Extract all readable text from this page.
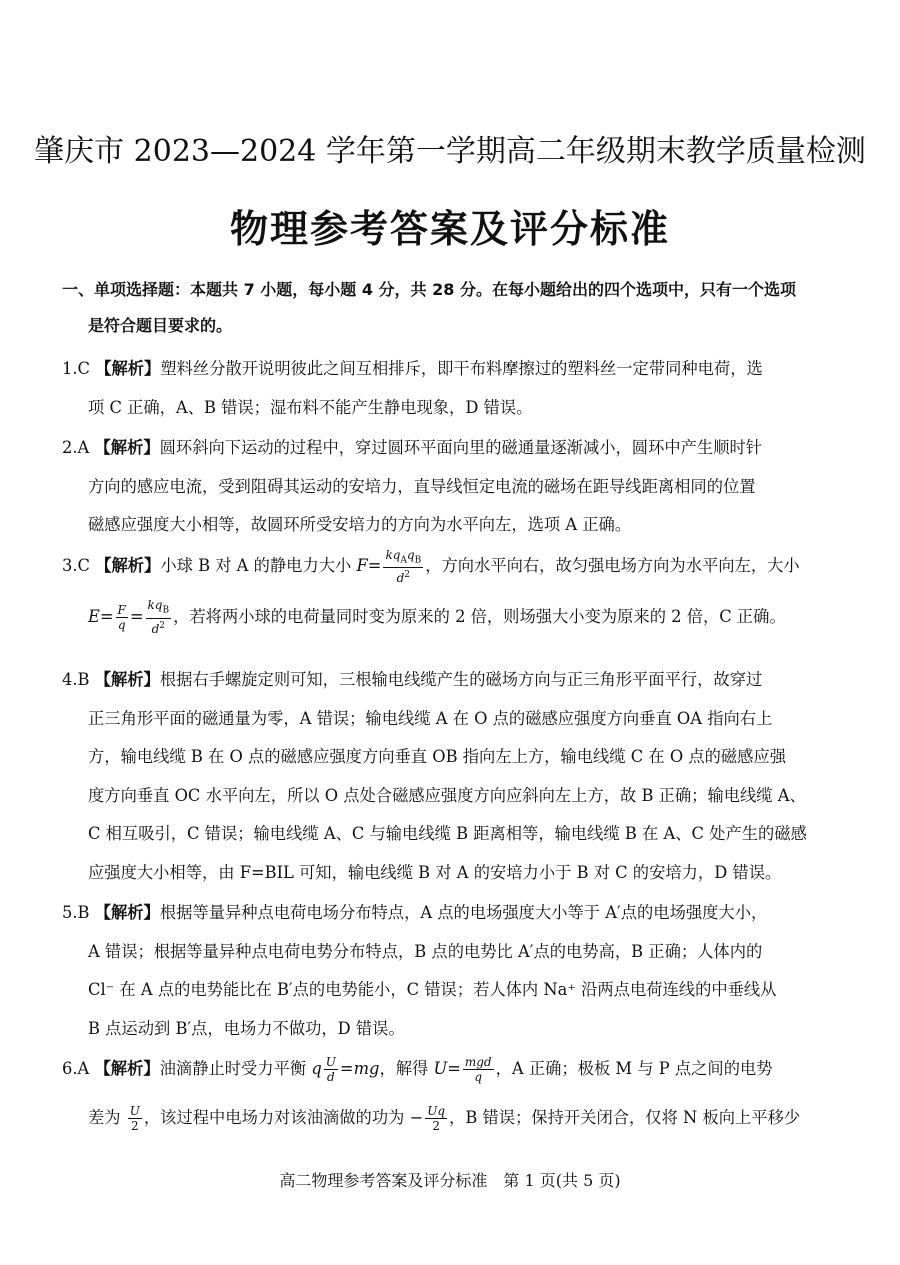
肇庆市 2023—2024 学年第一学期高二年级期末教学质量检测
物理参考答案及评分标准
一、单项选择题：本题共 7 小题，每小题 4 分，共 28 分。在每小题给出的四个选项中，只有一个选项
是符合题目要求的。
1.C 【解析】塑料丝分散开说明彼此之间互相排斥，即干布料摩擦过的塑料丝一定带同种电荷，选
项 C 正确，A、B 错误；湿布料不能产生静电现象，D 错误。
2.A 【解析】圆环斜向下运动的过程中，穿过圆环平面向里的磁通量逐渐减小，圆环中产生顺时针
方向的感应电流，受到阻碍其运动的安培力，直导线恒定电流的磁场在距导线距离相同的位置
磁感应强度大小相等，故圆环所受安培力的方向为水平向左，选项 A 正确。
3.C 【解析】小球 B 对 A 的静电力大小 $F= \frac{kq_Aq_B}{d^2}$ ，方向水平向右，故匀强电场方向为水平向左，大小
$E= \frac{F}{q} = \frac{kq_B}{d^2}$ ，若将两小球的电荷量同时变为原来的 2 倍，则场强大小变为原来的 2 倍，C 正确。
4.B 【解析】根据右手螺旋定则可知，三根输电线缆产生的磁场方向与正三角形平面平行，故穿过
正三角形平面的磁通量为零，A 错误；输电线缆 A 在 O 点的磁感应强度方向垂直 OA 指向右上
方，输电线缆 B 在 O 点的磁感应强度方向垂直 OB 指向左上方，输电线缆 C 在 O 点的磁感应强
度方向垂直 OC 水平向左，所以 O 点处合磁感应强度方向应斜向左上方，故 B 正确；输电线缆 A、
C 相互吸引，C 错误；输电线缆 A、C 与输电线缆 B 距离相等，输电线缆 B 在 A、C 处产生的磁感
应强度大小相等，由 F=BIL 可知，输电线缆 B 对 A 的安培力小于 B 对 C 的安培力，D 错误。
5.B 【解析】根据等量异种点电荷电场分布特点，A 点的电场强度大小等于 A′点的电场强度大小，
A 错误；根据等量异种点电荷电势分布特点，B 点的电势比 A′点的电势高，B 正确；人体内的
Cl⁻ 在 A 点的电势能比在 B′点的电势能小，C 错误；若人体内 Na⁺ 沿两点电荷连线的中垂线从
B 点运动到 B′点，电场力不做功，D 错误。
6.A 【解析】油滴静止时受力平衡 q $\frac{U}{d} =mg$，解得 $U= \frac{\text{mgd}}{q}$ ，A 正确；极板 M 与 P 点之间的电势
差为 $\frac{U}{2}$ ，该过程中电场力对该油滴做的功为 − $\frac{Uq}{2}$ ，B 错误；保持开关闭合，仅将 N 板向上平移少
高二物理参考答案及评分标准　第 1 页(共 5 页)
